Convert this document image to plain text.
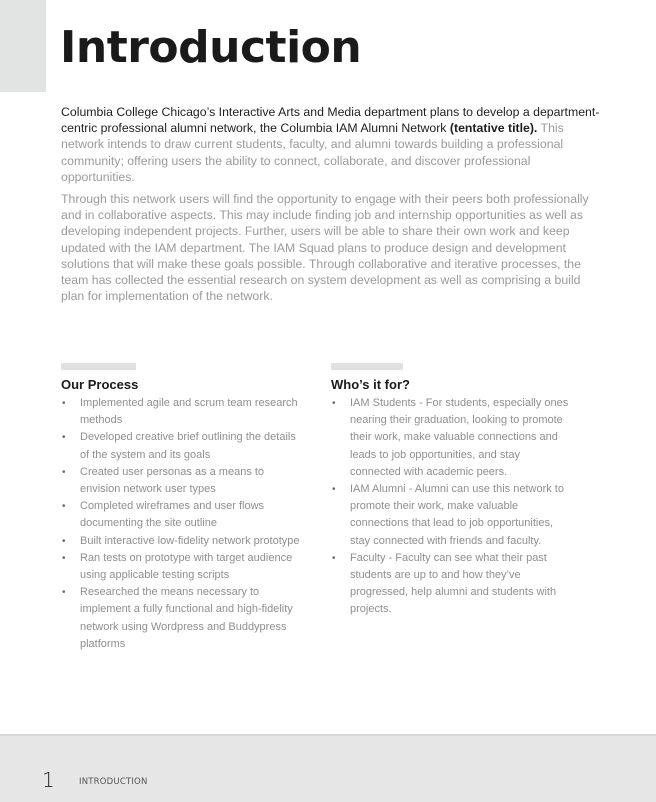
Introduction

Columbia College Chicago’s Interactive Arts and Media department plans to develop a department-centric professional alumni network, the Columbia IAM Alumni Network (tentative title). This network intends to draw current students, faculty, and alumni towards building a professional community; offering users the ability to connect, collaborate, and discover professional opportunities.

Through this network users will find the opportunity to engage with their peers both professionally and in collaborative aspects. This may include finding job and internship opportunities as well as developing independent projects. Further, users will be able to share their own work and keep updated with the IAM department. The IAM Squad plans to produce design and development solutions that will make these goals possible. Through collaborative and iterative processes, the team has collected the essential research on system development as well as comprising a build plan for implementation of the network.

Our Process
• Implemented agile and scrum team research methods
• Developed creative brief outlining the details of the system and its goals
• Created user personas as a means to envision network user types
• Completed wireframes and user flows documenting the site outline
• Built interactive low-fidelity network prototype
• Ran tests on prototype with target audience using applicable testing scripts
• Researched the means necessary to implement a fully functional and high-fidelity network using Wordpress and Buddypress platforms
Who’s it for?
• IAM Students - For students, especially ones nearing their graduation, looking to promote their work, make valuable connections and leads to job opportunities, and stay connected with academic peers.
• IAM Alumni - Alumni can use this network to promote their work, make valuable connections that lead to job opportunities, stay connected with friends and faculty.
• Faculty - Faculty can see what their past students are up to and how they’ve progressed, help alumni and students with projects.
1	INTRODUCTION
